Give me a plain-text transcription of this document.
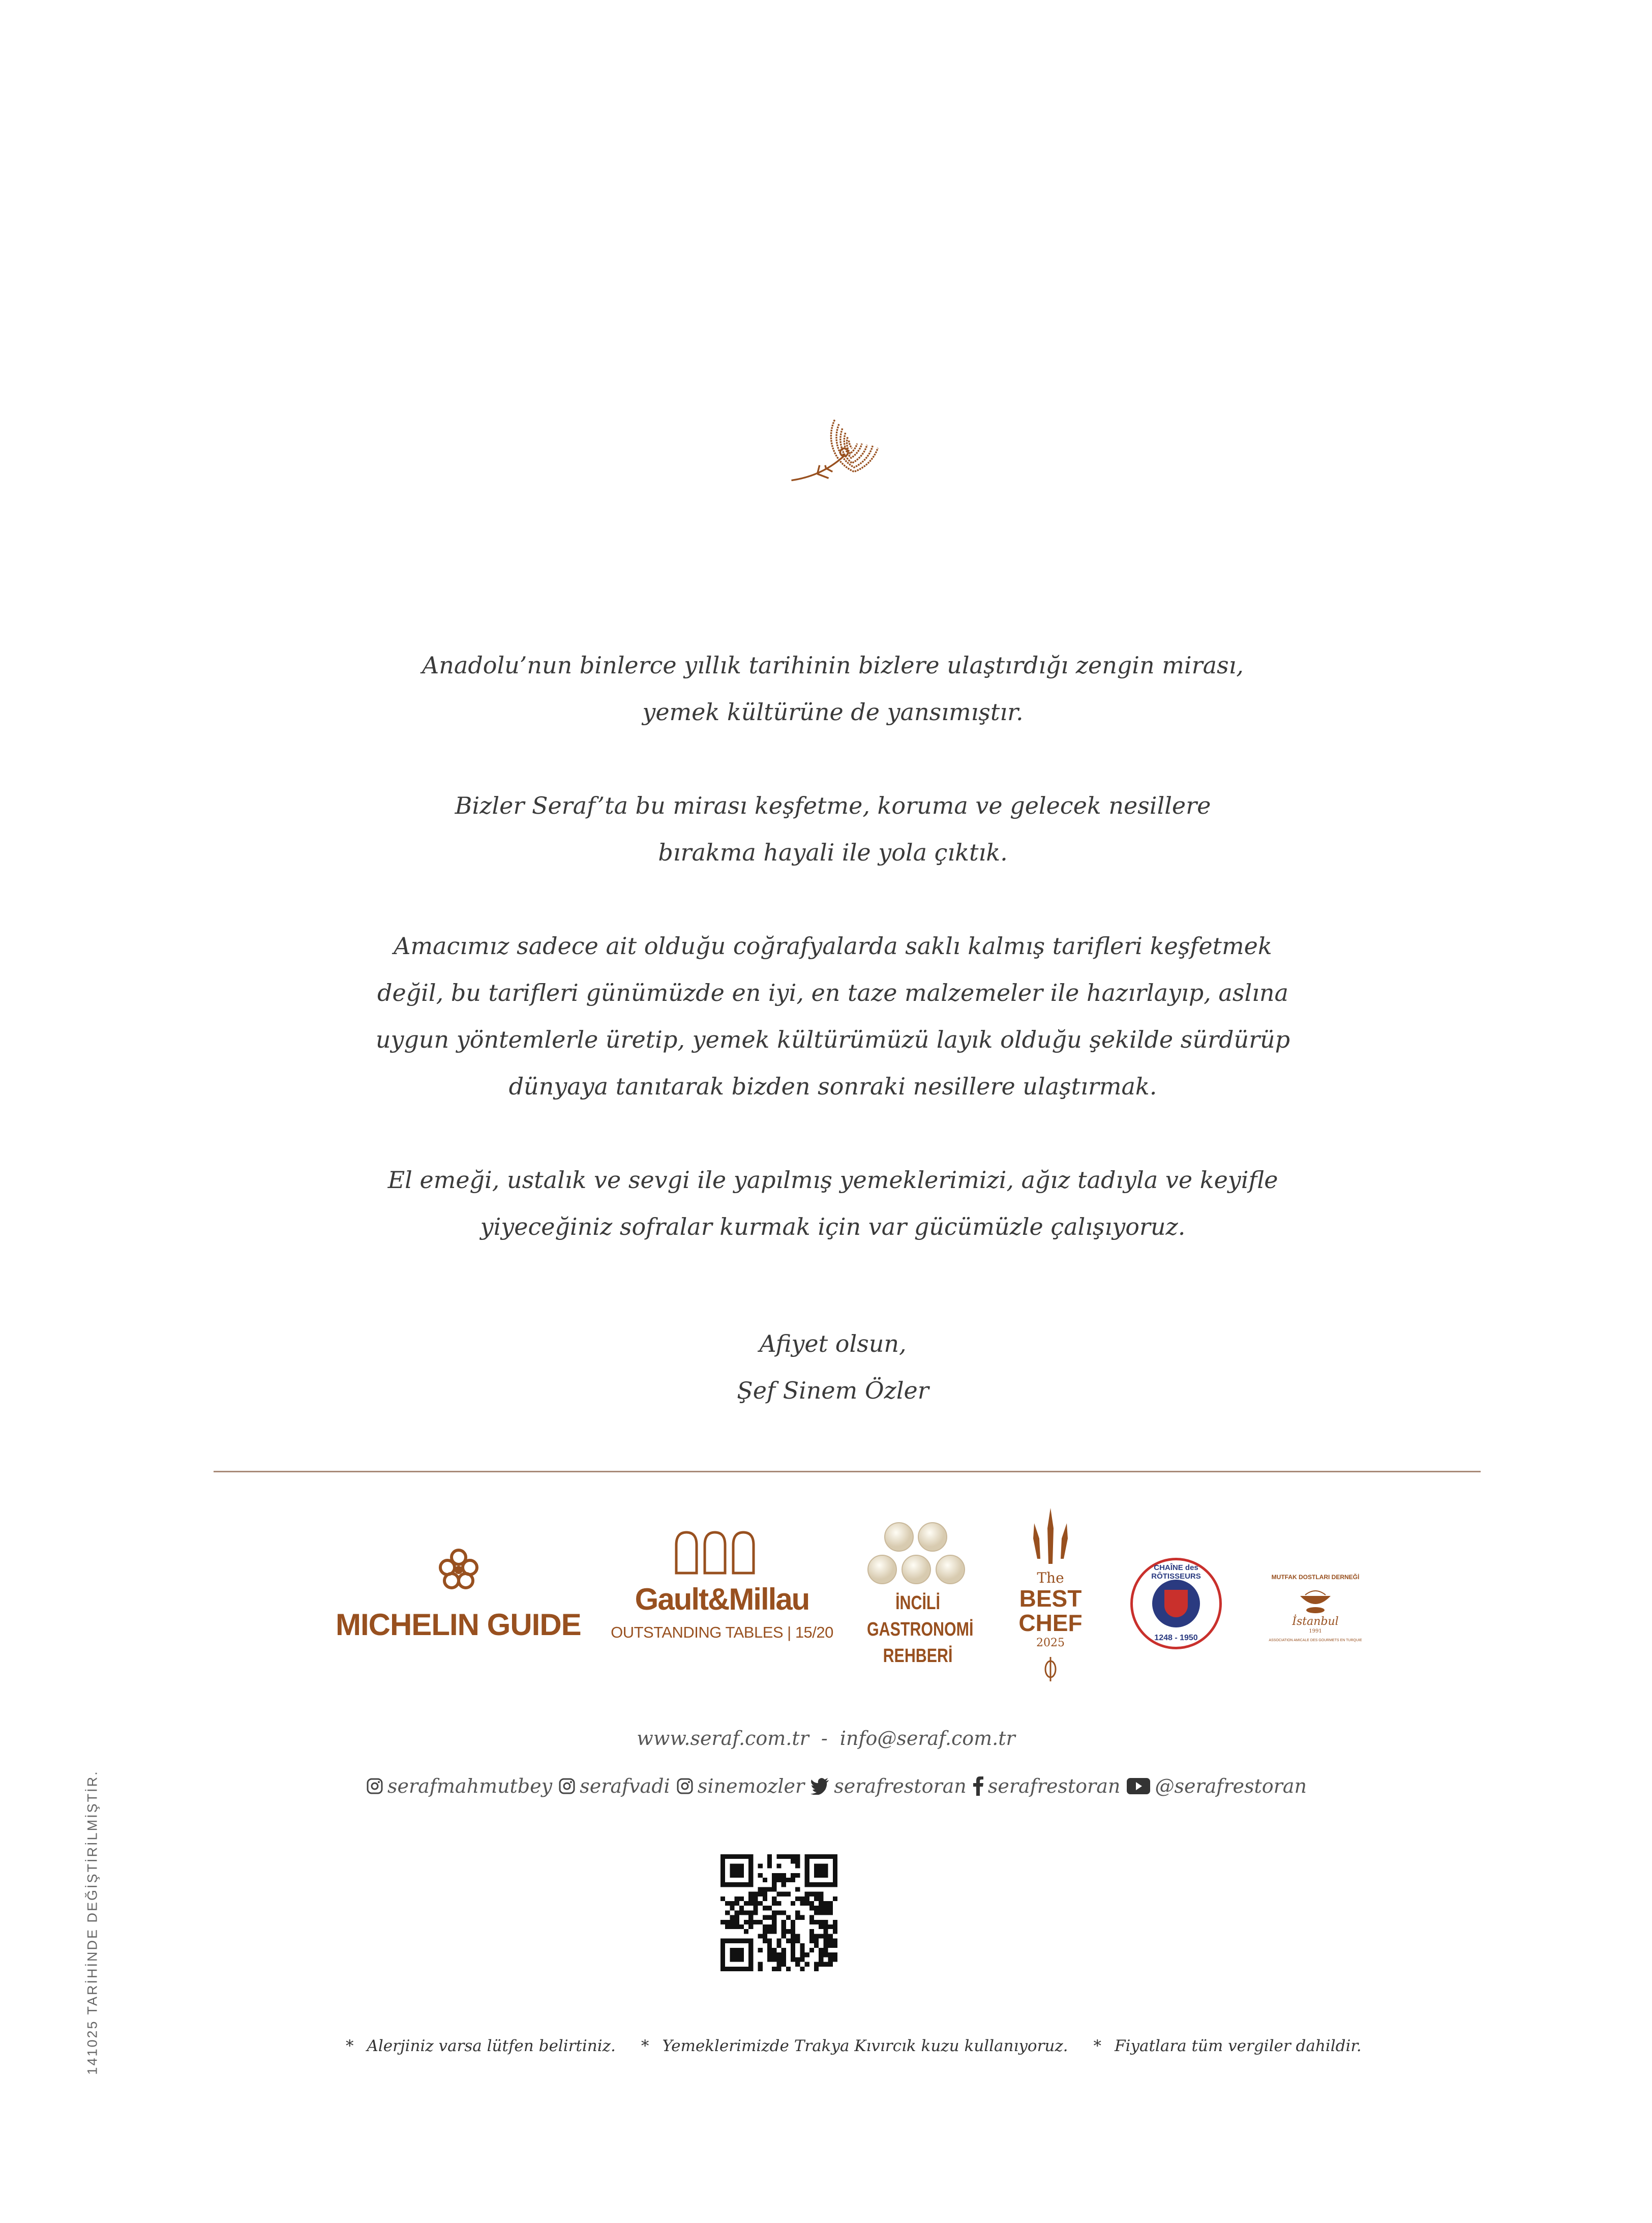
Anadolu’nun binlerce yıllık tarihinin bizlere ulaştırdığı zengin mirası,
yemek kültürüne de yansımıştır.

Bizler Seraf’ta bu mirası keşfetme, koruma ve gelecek nesillere
bırakma hayali ile yola çıktık.

Amacımız sadece ait olduğu coğrafyalarda saklı kalmış tarifleri keşfetmek
değil, bu tarifleri günümüzde en iyi, en taze malzemeler ile hazırlayıp, aslına
uygun yöntemlerle üretip, yemek kültürümüzü layık olduğu şekilde sürdürüp
dünyaya tanıtarak bizden sonraki nesillere ulaştırmak.

El emeği, ustalık ve sevgi ile yapılmış yemeklerimizi, ağız tadıyla ve keyifle
yiyeceğiniz sofralar kurmak için var gücümüzle çalışıyoruz.

Afiyet olsun,
Şef Sinem Özler
MICHELIN GUIDE
Gault&Millau
OUTSTANDING TABLES | 15/20
İNCİLİ
GASTRONOMİ
REHBERİ
The
BEST
CHEF
2025
CHAÎNE des RÔTISSEURS
1248 - 1950
MUTFAK DOSTLARI DERNEĞİ
İstanbul
1991
ASSOCIATION AMICALE DES GOURMETS EN TURQUIE
www.seraf.com.tr - info@seraf.com.tr
serafmahmutbey serafvadi sinemozler serafrestoran serafrestoran @serafrestoran
* Alerjiniz varsa lütfen belirtiniz. * Yemeklerimizde Trakya Kıvırcık kuzu kullanıyoruz. * Fiyatlara tüm vergiler dahildir.
141025 TARİHİNDE DEĞİŞTİRİLMİŞTİR.
